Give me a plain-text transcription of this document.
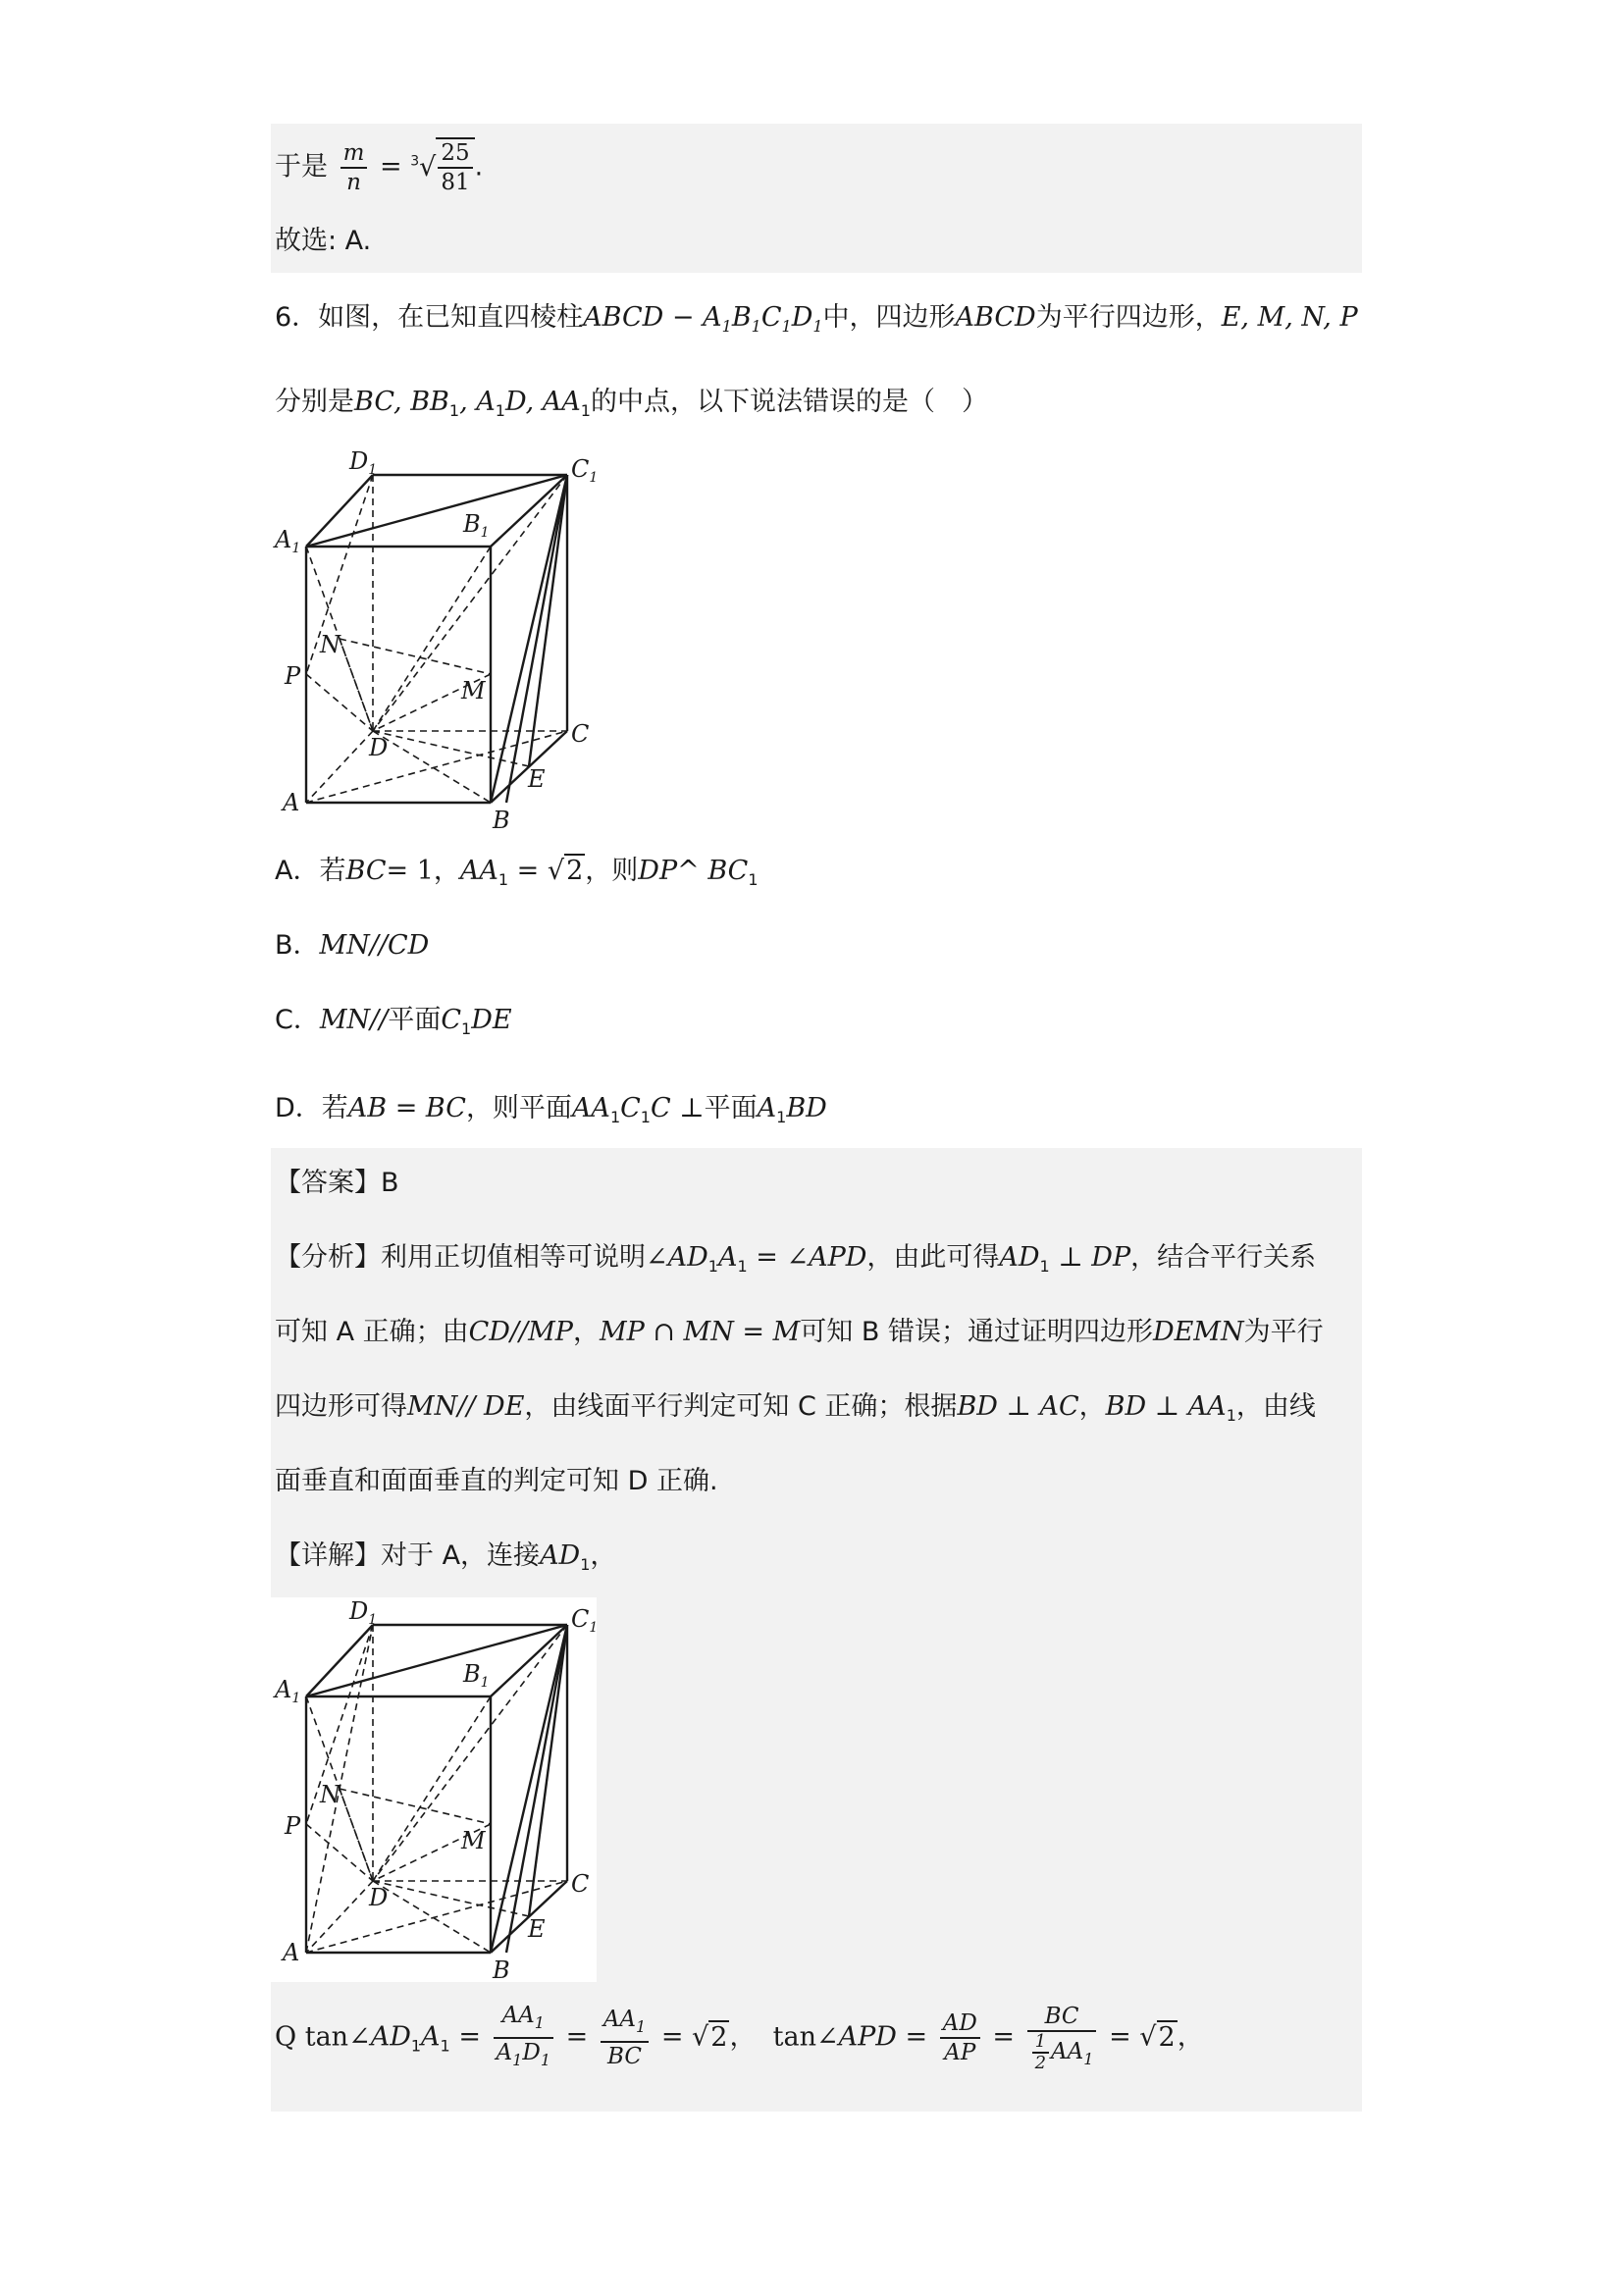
于是 $\frac{m}{n} = ^3√ \frac{25}{81}$ .
故选: A.
6．如图，在已知直四棱柱ABCD − $A_1B_1C_1D_1$中，四边形ABCD为平行四边形，E, M, N, P
分别是BC, $BB_1$, $A_1D$, $AA_1$的中点，以下说法错误的是（　）
$D_1$	$C_1$
$A_1$
$B_1$
N
P
M
D	C
E
A
B
A．若BC= 1，$AA_1 = √2$，则DP^ $BC_1$
B．MN//CD
C．MN//平面$C_1DE$
D．若AB = BC，则平面$AA_1C_1C$ ⊥平面$A_1BD$
【答案】B
【分析】利用正切值相等可说明$\angle AD_1A_1$ = ∠APD，由此可得$AD_1$ ⊥ DP，结合平行关系
可知 A 正确；由CD//MP，MP ∩ MN = M可知 B 错误；通过证明四边形DEMN为平行
四边形可得MN// DE，由线面平行判定可知 C 正确；根据BD ⊥ AC，BD ⊥ $AA_1$，由线
面垂直和面面垂直的判定可知 D 正确.
【详解】对于 A，连接$AD_1$，
$D_1$	$C_1$
$A_1$
$B_1$
N
P
M
D	C
E
A
B
Q $\tan\angle AD_1A_1 = \frac{AA_1}{A_1D_1} = \frac{AA_1}{BC} = √2$， tan∠APD = $\frac{AD}{AP} = \frac{BC}{\frac{1}{2} AA_1} = √2$，
